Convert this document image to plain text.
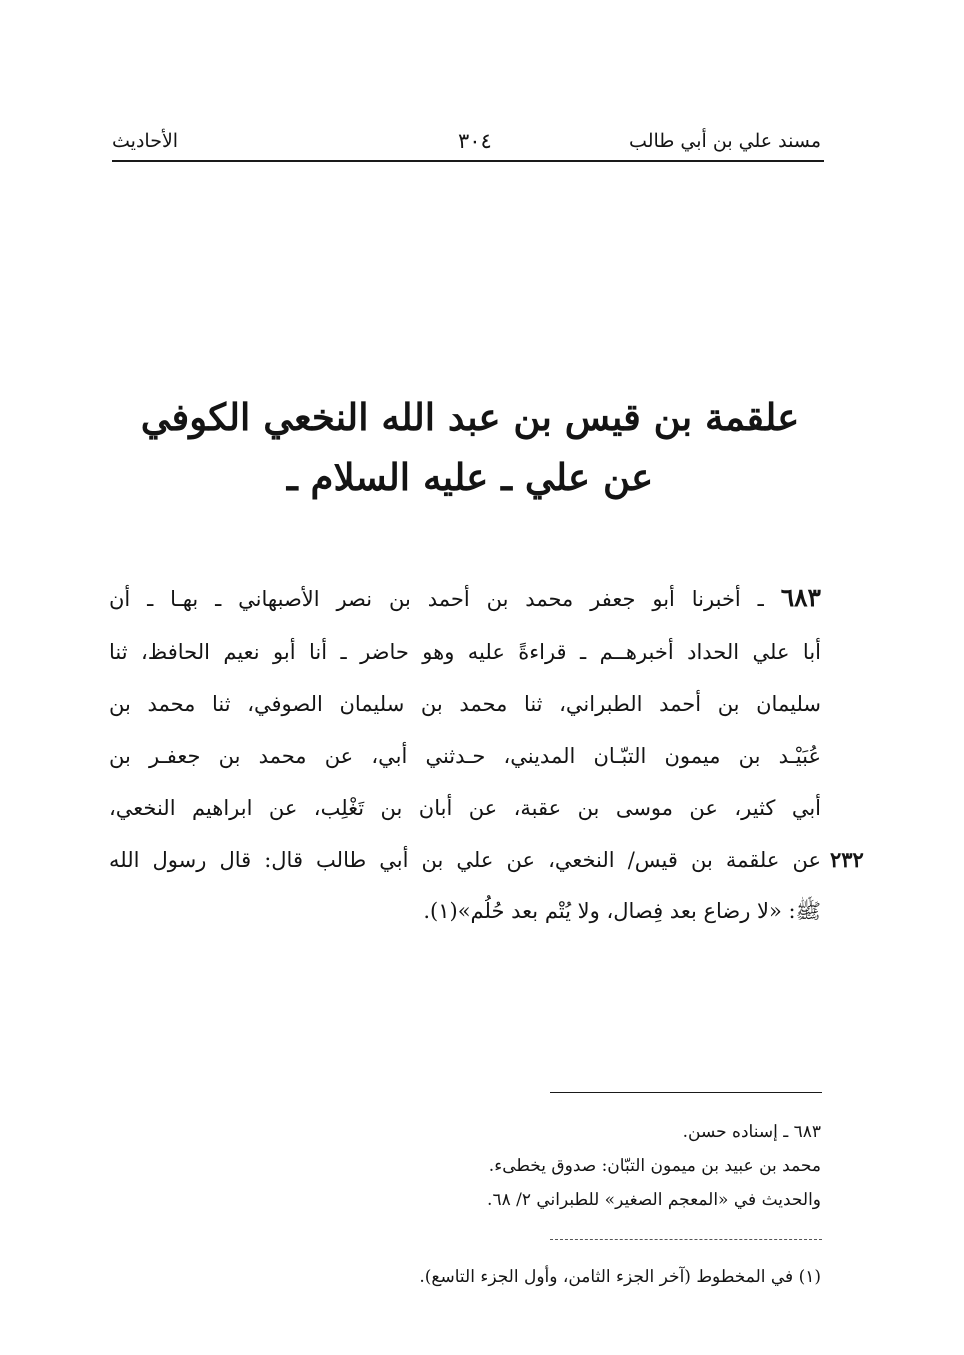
مسند علي بن أبي طالب
٣٠٤
الأحاديث
علقمة بن قيس بن عبد الله النخعي الكوفي
عن علي ـ عليه السلام ـ
٦٨٣ ـ أخبرنا أبو جعفر محمد بن أحمد بن نصر الأصبهاني ـ بهـا ـ أن
أبا علي الحداد أخبرهــم ـ قراءةً عليه وهو حاضر ـ أنا أبو نعيم الحافظ، ثنا
سليمان بن أحمد الطبراني، ثنا محمد بن سليمان الصوفي، ثنا محمد بن
عُبَيْـد بن ميمون التبّـان المديني، حـدثني أبي، عن محمد بن جعفـر بن
أبي كثير، عن موسى بن عقبة، عن أبان بن تَغْلِب، عن ابراهيم النخعي،
عن علقمة بن قيس/ النخعي، عن علي بن أبي طالب قال: قال رسول الله
ﷺ: «لا رضاع بعد فِصال، ولا يُتْم بعد حُلُم»(١).
٢٣٢
٦٨٣ ـ إسناده حسن.
محمد بن عبيد بن ميمون التبّان: صدوق يخطىء.
والحديث في «المعجم الصغير» للطبراني ٢/ ٦٨.
(١) في المخطوط (آخر الجزء الثامن، وأول الجزء التاسع).
